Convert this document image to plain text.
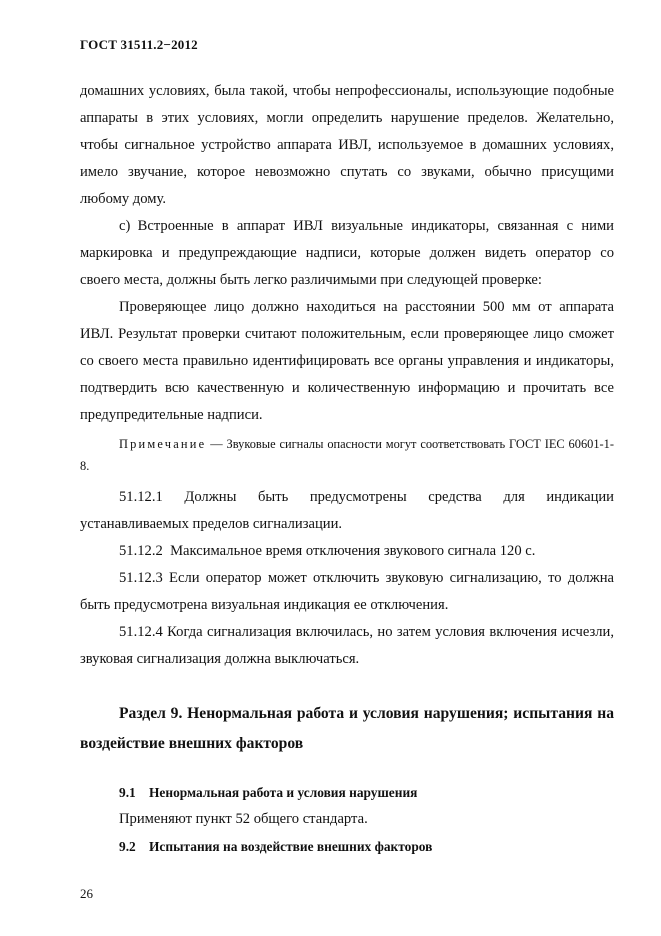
ГОСТ 31511.2−2012

домашних условиях, была такой, чтобы непрофессионалы, использующие подобные аппараты в этих условиях, могли определить нарушение пределов. Желательно, чтобы сигнальное устройство аппарата ИВЛ, используемое в домашних условиях, имело звучание, которое невозможно спутать со звуками, обычно присущими любому дому.

c) Встроенные в аппарат ИВЛ визуальные индикаторы, связанная с ними маркировка и предупреждающие надписи, которые должен видеть оператор со своего места, должны быть легко различимыми при следующей проверке:

Проверяющее лицо должно находиться на расстоянии 500 мм от аппарата ИВЛ. Результат проверки считают положительным, если проверяющее лицо сможет со своего места правильно идентифицировать все органы управления и индикаторы, подтвердить всю качественную и количественную информацию и прочитать все предупредительные надписи.

Примечание — Звуковые сигналы опасности могут соответствовать ГОСТ IEC 60601-1-8.

51.12.1 Должны быть предусмотрены средства для индикации устанавливаемых пределов сигнализации.

51.12.2 Максимальное время отключения звукового сигнала 120 с.

51.12.3 Если оператор может отключить звуковую сигнализацию, то должна быть предусмотрена визуальная индикация ее отключения.

51.12.4 Когда сигнализация включилась, но затем условия включения исчезли, звуковая сигнализация должна выключаться.

Раздел 9. Ненормальная работа и условия нарушения; испытания на воздействие внешних факторов

9.1 Ненормальная работа и условия нарушения

Применяют пункт 52 общего стандарта.

9.2 Испытания на воздействие внешних факторов

26
